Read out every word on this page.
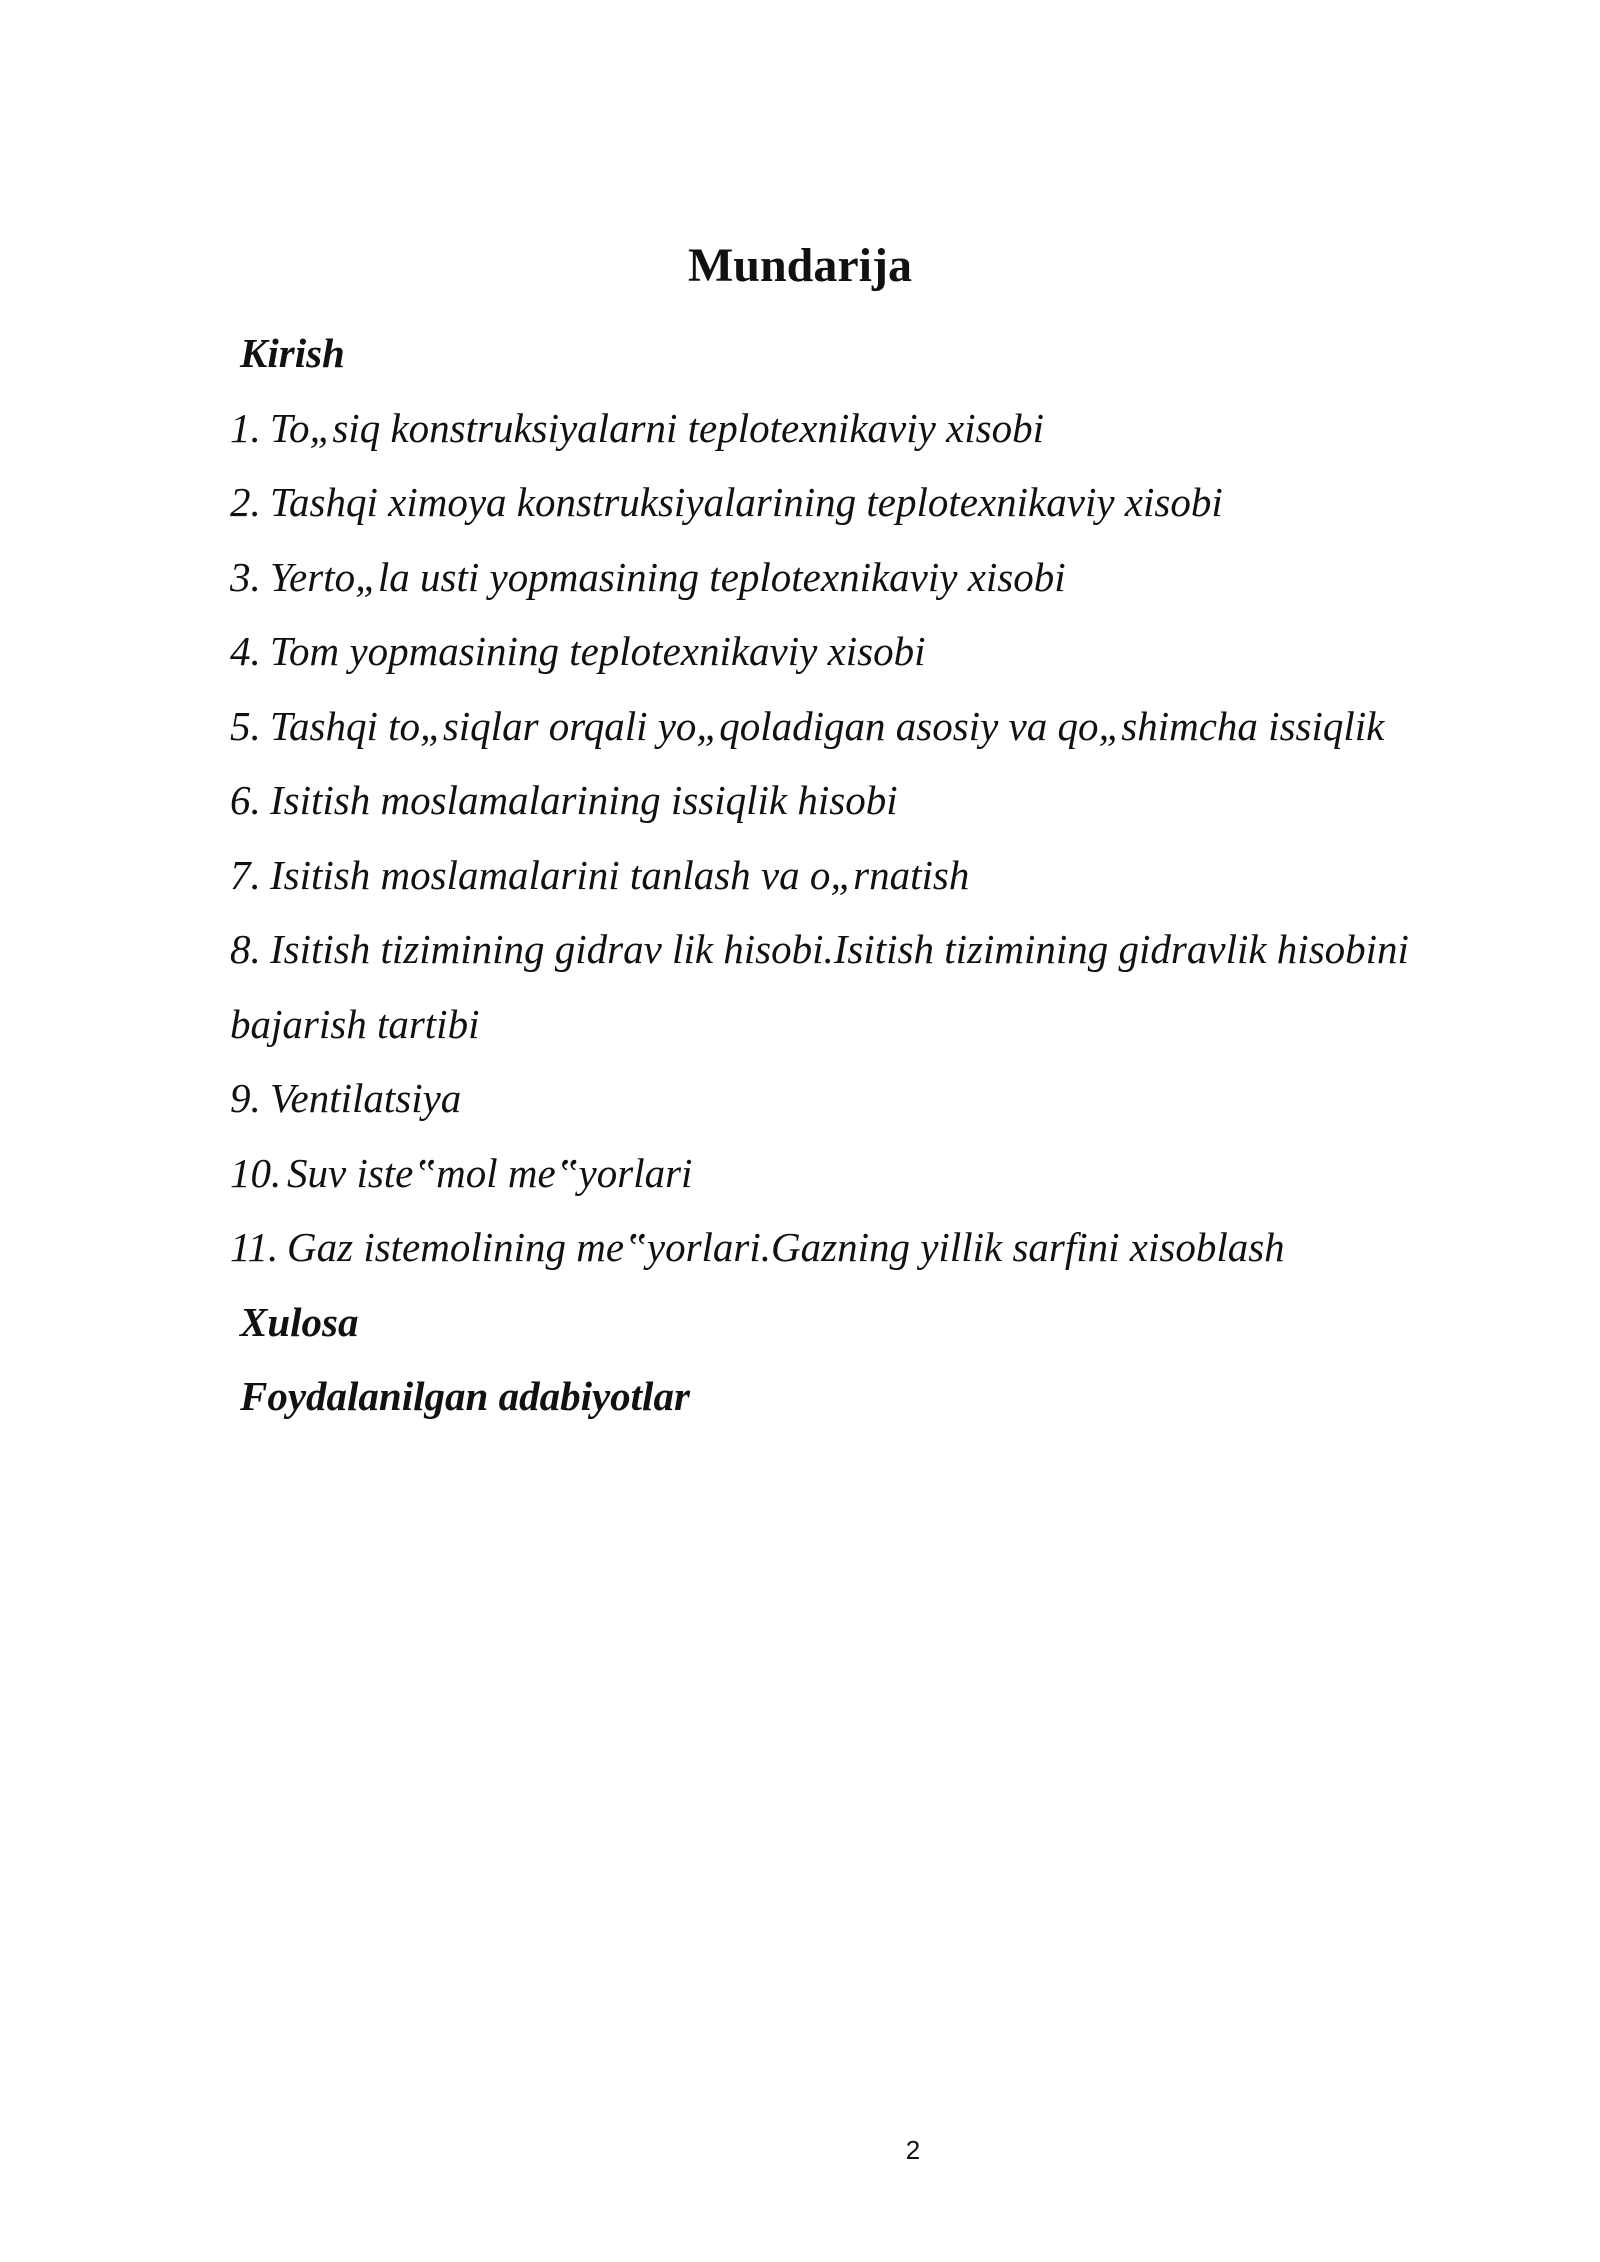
Mundarija
Kirish
1. To„siq konstruksiyalarni teplotexnikaviy xisobi
2. Tashqi ximoya konstruksiyalarining teplotexnikaviy xisobi
3. Yerto„la usti yopmasining teplotexnikaviy xisobi
4. Tom yopmasining teplotexnikaviy xisobi
5. Tashqi to„siqlar orqali yo„qoladigan asosiy va qo„shimcha issiqlik
6. Isitish moslamalarining issiqlik hisobi
7. Isitish moslamalarini tanlash va o„rnatish
8. Isitish tizimining gidrav lik hisobi.Isitish tizimining gidravlik hisobini
bajarish tartibi
9. Ventilatsiya
10. Suv iste‟mol me‟yorlari
11. Gaz istemolining me‟yorlari.Gazning yillik sarfini xisoblash
Xulosa
Foydalanilgan adabiyotlar
2
